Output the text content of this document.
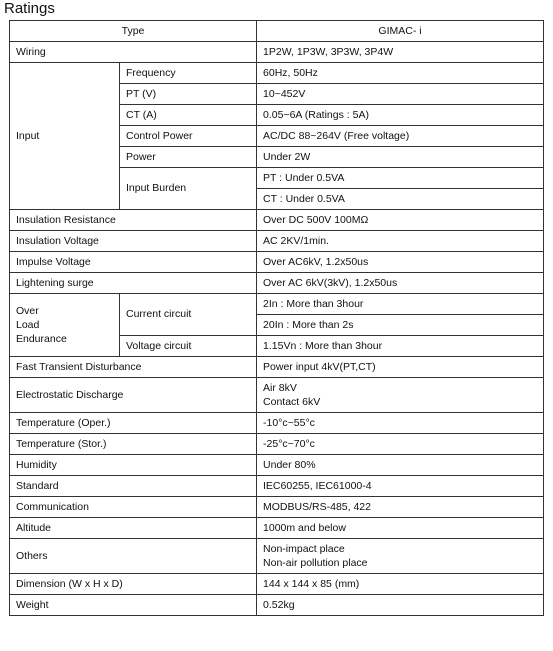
Ratings
Type		GIMAC- i
Wiring		1P2W, 1P3W, 3P3W, 3P4W
Input	Frequency	60Hz, 50Hz
	PT (V)	10~452V
	CT (A)	0.05~6A (Ratings : 5A)
	Control Power	AC/DC 88~264V (Free voltage)
	Power	Under 2W
	Input Burden	PT : Under 0.5VA
		CT : Under 0.5VA
Insulation Resistance		Over DC 500V 100MΩ
Insulation Voltage		AC 2KV/1min.
Impulse Voltage		Over AC6kV, 1.2x50us
Lightening surge		Over AC 6kV(3kV), 1.2x50us

Over
Load
Endurance	Current circuit	2In : More than 3hour
		20In : More than 2s
	Voltage circuit	1.15Vn : More than 3hour
Fast Transient Disturbance		Power input 4kV(PT,CT)
Electrostatic Discharge		Air 8kV
Contact 6kV

Temperature (Oper.)		-10°c~55°c
Temperature (Stor.)		-25°c~70°c
Humidity		Under 80%
Standard		IEC60255, IEC61000-4
Communication		MODBUS/RS-485, 422
Altitude		1000m and below
Others		Non-impact place
Non-air pollution place

Dimension (W x H x D)		144 x 144 x 85 (mm)
Weight		0.52kg
